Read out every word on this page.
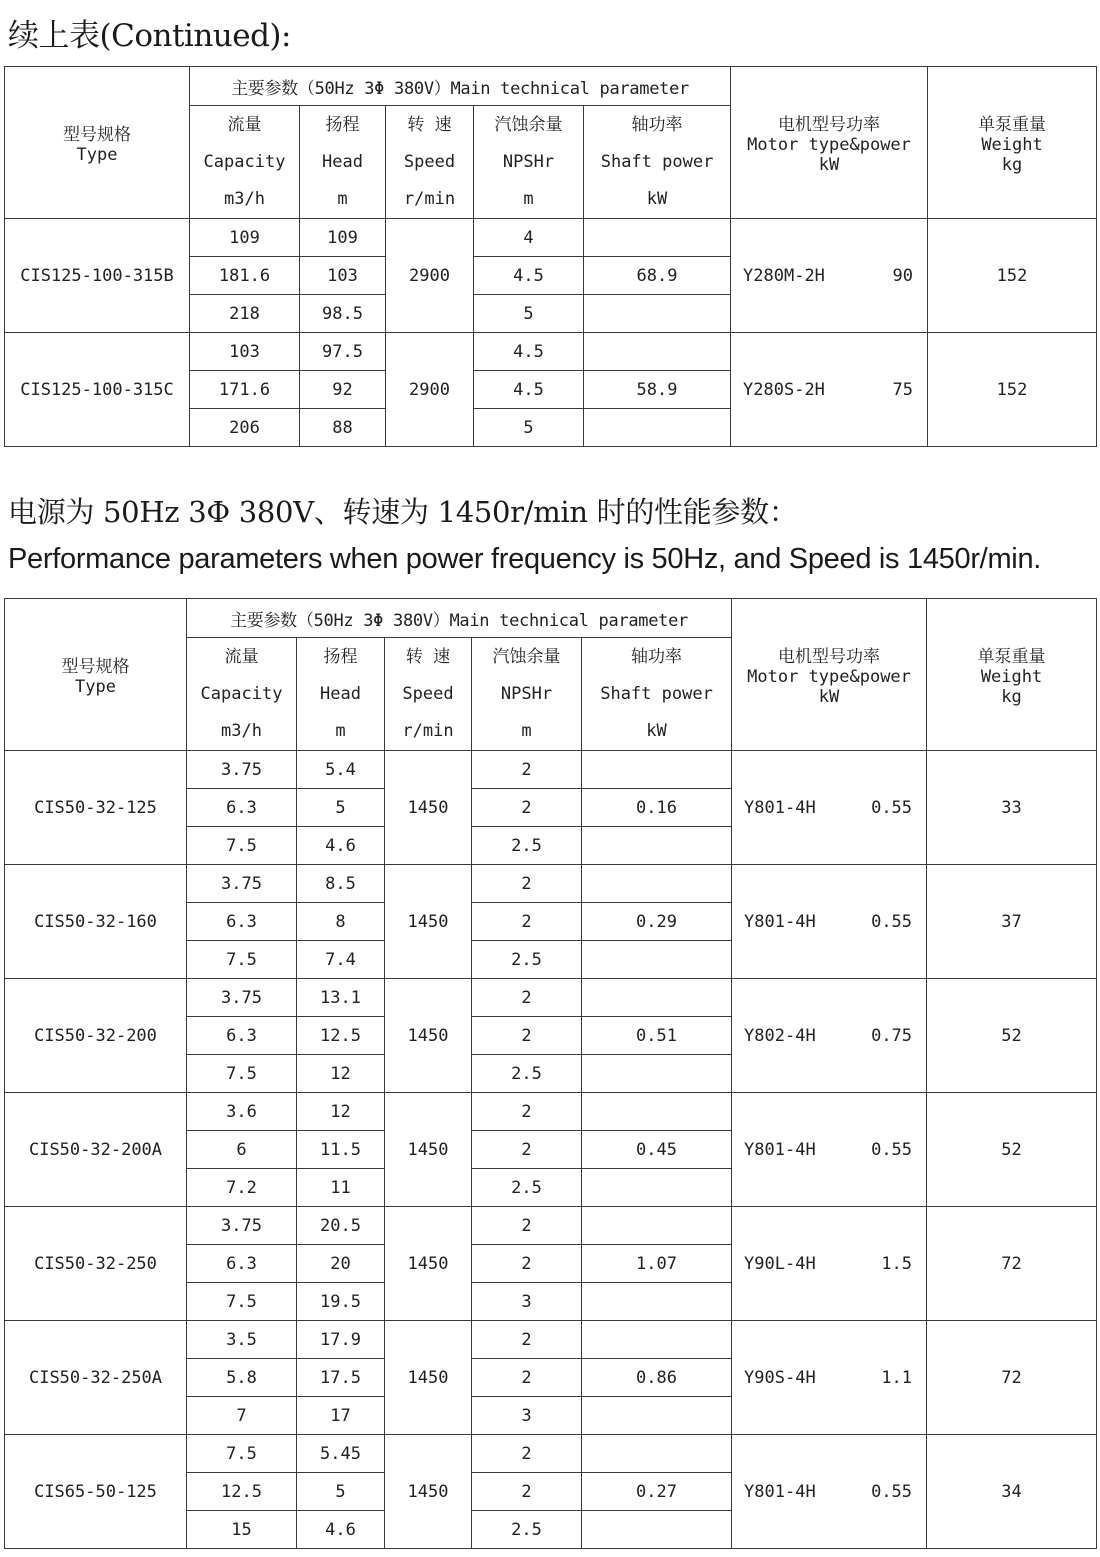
续上表(Continued):
型号规格
Type	主要参数（50Hz 3Φ 380V）Main technical parameter					电机型号功率
Motor type&power
kW	单泵重量
Weight
kg
	流量
Capacity
m3/h	扬程
Head
m	转 速
Speed
r/min	汽蚀余量
NPSHr
m	轴功率
Shaft power
kW		
CIS125-100-315B	109	109	2900	4		Y280M-2H 90	152
	181.6	103		4.5	68.9		
	218	98.5		5			
CIS125-100-315C	103	97.5	2900	4.5		Y280S-2H 75	152
	171.6	92		4.5	58.9		
	206	88		5			
电源为 50Hz 3Φ 380V、转速为 1450r/min 时的性能参数：
Performance parameters when power frequency is 50Hz, and Speed is 1450r/min.
型号规格
Type	主要参数（50Hz 3Φ 380V）Main technical parameter					电机型号功率
Motor type&power
kW	单泵重量
Weight
kg
	流量
Capacity
m3/h	扬程
Head
m	转 速
Speed
r/min	汽蚀余量
NPSHr
m	轴功率
Shaft power
kW		
CIS50-32-125	3.75	5.4	1450	2		Y801-4H 0.55	33
	6.3	5		2	0.16		
	7.5	4.6		2.5			
CIS50-32-160	3.75	8.5	1450	2		Y801-4H 0.55	37
	6.3	8		2	0.29		
	7.5	7.4		2.5			
CIS50-32-200	3.75	13.1	1450	2		Y802-4H 0.75	52
	6.3	12.5		2	0.51		
	7.5	12		2.5			
CIS50-32-200A	3.6	12	1450	2		Y801-4H 0.55	52
	6	11.5		2	0.45		
	7.2	11		2.5			
CIS50-32-250	3.75	20.5	1450	2		Y90L-4H 1.5	72
	6.3	20		2	1.07		
	7.5	19.5		3			
CIS50-32-250A	3.5	17.9	1450	2		Y90S-4H 1.1	72
	5.8	17.5		2	0.86		
	7	17		3			
CIS65-50-125	7.5	5.45	1450	2		Y801-4H 0.55	34
	12.5	5		2	0.27		
	15	4.6		2.5			
